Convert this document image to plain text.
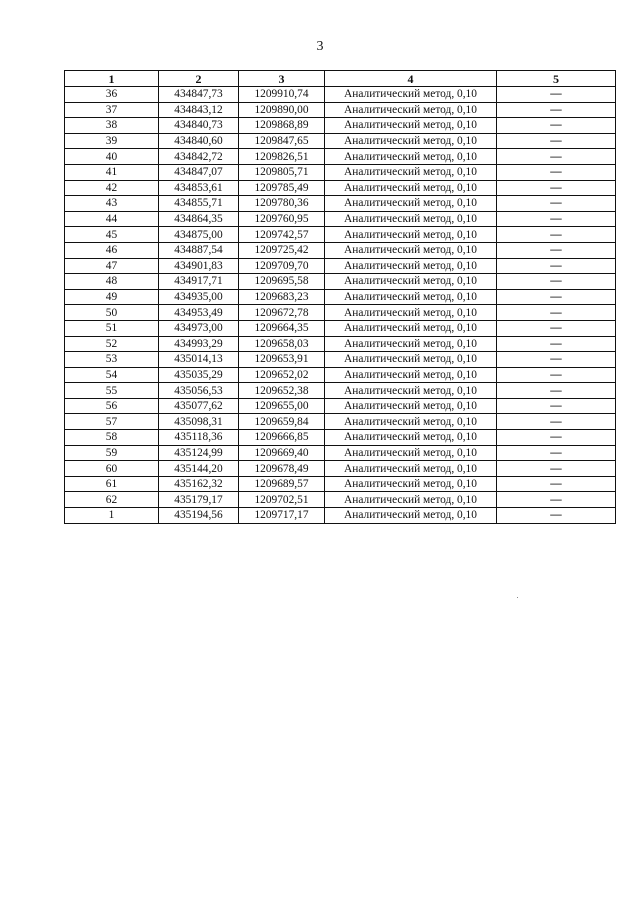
3
1	2	3	4	5
36	434847,73	1209910,74	Аналитический метод, 0,10	—
37	434843,12	1209890,00	Аналитический метод, 0,10	—
38	434840,73	1209868,89	Аналитический метод, 0,10	—
39	434840,60	1209847,65	Аналитический метод, 0,10	—
40	434842,72	1209826,51	Аналитический метод, 0,10	—
41	434847,07	1209805,71	Аналитический метод, 0,10	—
42	434853,61	1209785,49	Аналитический метод, 0,10	—
43	434855,71	1209780,36	Аналитический метод, 0,10	—
44	434864,35	1209760,95	Аналитический метод, 0,10	—
45	434875,00	1209742,57	Аналитический метод, 0,10	—
46	434887,54	1209725,42	Аналитический метод, 0,10	—
47	434901,83	1209709,70	Аналитический метод, 0,10	—
48	434917,71	1209695,58	Аналитический метод, 0,10	—
49	434935,00	1209683,23	Аналитический метод, 0,10	—
50	434953,49	1209672,78	Аналитический метод, 0,10	—
51	434973,00	1209664,35	Аналитический метод, 0,10	—
52	434993,29	1209658,03	Аналитический метод, 0,10	—
53	435014,13	1209653,91	Аналитический метод, 0,10	—
54	435035,29	1209652,02	Аналитический метод, 0,10	—
55	435056,53	1209652,38	Аналитический метод, 0,10	—
56	435077,62	1209655,00	Аналитический метод, 0,10	—
57	435098,31	1209659,84	Аналитический метод, 0,10	—
58	435118,36	1209666,85	Аналитический метод, 0,10	—
59	435124,99	1209669,40	Аналитический метод, 0,10	—
60	435144,20	1209678,49	Аналитический метод, 0,10	—
61	435162,32	1209689,57	Аналитический метод, 0,10	—
62	435179,17	1209702,51	Аналитический метод, 0,10	—
1	435194,56	1209717,17	Аналитический метод, 0,10	—
